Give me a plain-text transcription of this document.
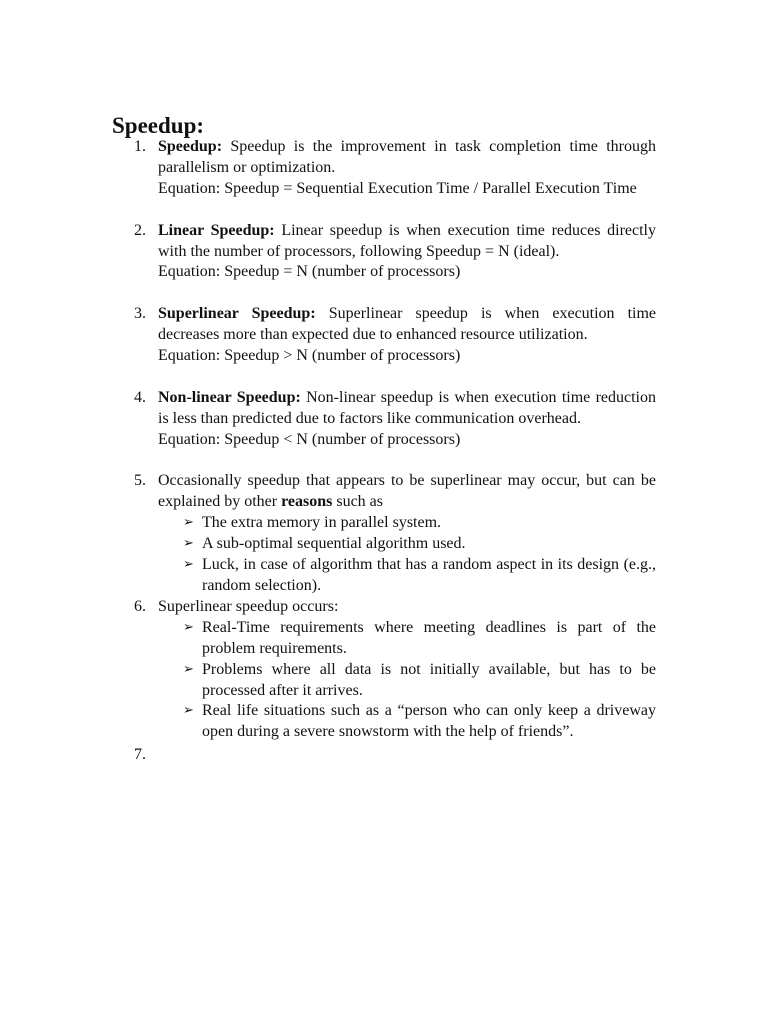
Speedup:
1. Speedup: Speedup is the improvement in task completion time through parallelism or optimization.

Equation: Speedup = Sequential Execution Time / Parallel Execution Time

2. Linear Speedup: Linear speedup is when execution time reduces directly with the number of processors, following Speedup = N (ideal).

Equation: Speedup = N (number of processors)

3. Superlinear Speedup: Superlinear speedup is when execution time decreases more than expected due to enhanced resource utilization.

Equation: Speedup > N (number of processors)

4. Non-linear Speedup: Non-linear speedup is when execution time reduction is less than predicted due to factors like communication overhead.

Equation: Speedup < N (number of processors)

5. Occasionally speedup that appears to be superlinear may occur, but can be explained by other reasons such as

➢ The extra memory in parallel system.
➢ A sub-optimal sequential algorithm used.
➢ Luck, in case of algorithm that has a random aspect in its design (e.g., random selection).
6. Superlinear speedup occurs:

➢ Real-Time requirements where meeting deadlines is part of the problem requirements.
➢ Problems where all data is not initially available, but has to be processed after it arrives.
➢ Real life situations such as a “person who can only keep a driveway open during a severe snowstorm with the help of friends”.
7.
